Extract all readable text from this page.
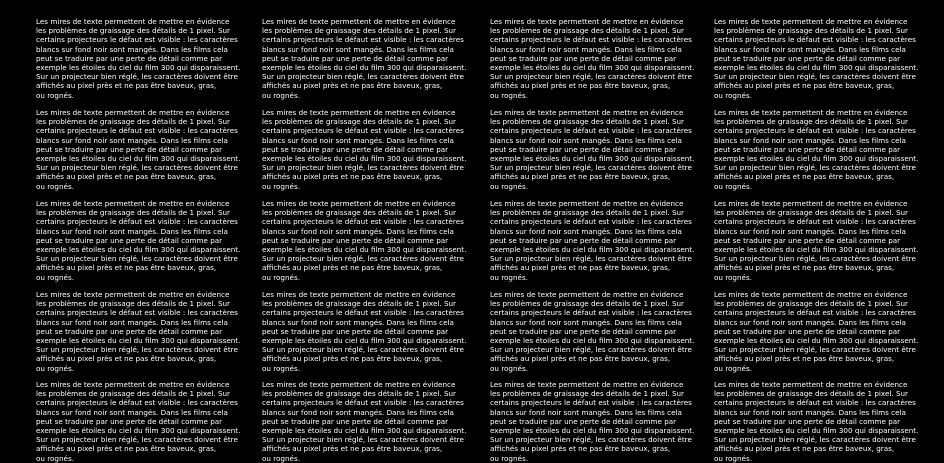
Les mires de texte permettent de mettre en évidence
les problèmes de graissage des détails de 1 pixel. Sur
certains projecteurs le défaut est visible : les caractères
blancs sur fond noir sont mangés. Dans les films cela
peut se traduire par une perte de détail comme par
exemple les étoiles du ciel du film 300 qui disparaissent.
Sur un projecteur bien réglé, les caractères doivent être
affichés au pixel près et ne pas être baveux, gras,
ou rognés.
Les mires de texte permettent de mettre en évidence
les problèmes de graissage des détails de 1 pixel. Sur
certains projecteurs le défaut est visible : les caractères
blancs sur fond noir sont mangés. Dans les films cela
peut se traduire par une perte de détail comme par
exemple les étoiles du ciel du film 300 qui disparaissent.
Sur un projecteur bien réglé, les caractères doivent être
affichés au pixel près et ne pas être baveux, gras,
ou rognés.
Les mires de texte permettent de mettre en évidence
les problèmes de graissage des détails de 1 pixel. Sur
certains projecteurs le défaut est visible : les caractères
blancs sur fond noir sont mangés. Dans les films cela
peut se traduire par une perte de détail comme par
exemple les étoiles du ciel du film 300 qui disparaissent.
Sur un projecteur bien réglé, les caractères doivent être
affichés au pixel près et ne pas être baveux, gras,
ou rognés.
Les mires de texte permettent de mettre en évidence
les problèmes de graissage des détails de 1 pixel. Sur
certains projecteurs le défaut est visible : les caractères
blancs sur fond noir sont mangés. Dans les films cela
peut se traduire par une perte de détail comme par
exemple les étoiles du ciel du film 300 qui disparaissent.
Sur un projecteur bien réglé, les caractères doivent être
affichés au pixel près et ne pas être baveux, gras,
ou rognés.
Les mires de texte permettent de mettre en évidence
les problèmes de graissage des détails de 1 pixel. Sur
certains projecteurs le défaut est visible : les caractères
blancs sur fond noir sont mangés. Dans les films cela
peut se traduire par une perte de détail comme par
exemple les étoiles du ciel du film 300 qui disparaissent.
Sur un projecteur bien réglé, les caractères doivent être
affichés au pixel près et ne pas être baveux, gras,
ou rognés.
Les mires de texte permettent de mettre en évidence
les problèmes de graissage des détails de 1 pixel. Sur
certains projecteurs le défaut est visible : les caractères
blancs sur fond noir sont mangés. Dans les films cela
peut se traduire par une perte de détail comme par
exemple les étoiles du ciel du film 300 qui disparaissent.
Sur un projecteur bien réglé, les caractères doivent être
affichés au pixel près et ne pas être baveux, gras,
ou rognés.
Les mires de texte permettent de mettre en évidence
les problèmes de graissage des détails de 1 pixel. Sur
certains projecteurs le défaut est visible : les caractères
blancs sur fond noir sont mangés. Dans les films cela
peut se traduire par une perte de détail comme par
exemple les étoiles du ciel du film 300 qui disparaissent.
Sur un projecteur bien réglé, les caractères doivent être
affichés au pixel près et ne pas être baveux, gras,
ou rognés.
Les mires de texte permettent de mettre en évidence
les problèmes de graissage des détails de 1 pixel. Sur
certains projecteurs le défaut est visible : les caractères
blancs sur fond noir sont mangés. Dans les films cela
peut se traduire par une perte de détail comme par
exemple les étoiles du ciel du film 300 qui disparaissent.
Sur un projecteur bien réglé, les caractères doivent être
affichés au pixel près et ne pas être baveux, gras,
ou rognés.
Les mires de texte permettent de mettre en évidence
les problèmes de graissage des détails de 1 pixel. Sur
certains projecteurs le défaut est visible : les caractères
blancs sur fond noir sont mangés. Dans les films cela
peut se traduire par une perte de détail comme par
exemple les étoiles du ciel du film 300 qui disparaissent.
Sur un projecteur bien réglé, les caractères doivent être
affichés au pixel près et ne pas être baveux, gras,
ou rognés.
Les mires de texte permettent de mettre en évidence
les problèmes de graissage des détails de 1 pixel. Sur
certains projecteurs le défaut est visible : les caractères
blancs sur fond noir sont mangés. Dans les films cela
peut se traduire par une perte de détail comme par
exemple les étoiles du ciel du film 300 qui disparaissent.
Sur un projecteur bien réglé, les caractères doivent être
affichés au pixel près et ne pas être baveux, gras,
ou rognés.
Les mires de texte permettent de mettre en évidence
les problèmes de graissage des détails de 1 pixel. Sur
certains projecteurs le défaut est visible : les caractères
blancs sur fond noir sont mangés. Dans les films cela
peut se traduire par une perte de détail comme par
exemple les étoiles du ciel du film 300 qui disparaissent.
Sur un projecteur bien réglé, les caractères doivent être
affichés au pixel près et ne pas être baveux, gras,
ou rognés.
Les mires de texte permettent de mettre en évidence
les problèmes de graissage des détails de 1 pixel. Sur
certains projecteurs le défaut est visible : les caractères
blancs sur fond noir sont mangés. Dans les films cela
peut se traduire par une perte de détail comme par
exemple les étoiles du ciel du film 300 qui disparaissent.
Sur un projecteur bien réglé, les caractères doivent être
affichés au pixel près et ne pas être baveux, gras,
ou rognés.
Les mires de texte permettent de mettre en évidence
les problèmes de graissage des détails de 1 pixel. Sur
certains projecteurs le défaut est visible : les caractères
blancs sur fond noir sont mangés. Dans les films cela
peut se traduire par une perte de détail comme par
exemple les étoiles du ciel du film 300 qui disparaissent.
Sur un projecteur bien réglé, les caractères doivent être
affichés au pixel près et ne pas être baveux, gras,
ou rognés.
Les mires de texte permettent de mettre en évidence
les problèmes de graissage des détails de 1 pixel. Sur
certains projecteurs le défaut est visible : les caractères
blancs sur fond noir sont mangés. Dans les films cela
peut se traduire par une perte de détail comme par
exemple les étoiles du ciel du film 300 qui disparaissent.
Sur un projecteur bien réglé, les caractères doivent être
affichés au pixel près et ne pas être baveux, gras,
ou rognés.
Les mires de texte permettent de mettre en évidence
les problèmes de graissage des détails de 1 pixel. Sur
certains projecteurs le défaut est visible : les caractères
blancs sur fond noir sont mangés. Dans les films cela
peut se traduire par une perte de détail comme par
exemple les étoiles du ciel du film 300 qui disparaissent.
Sur un projecteur bien réglé, les caractères doivent être
affichés au pixel près et ne pas être baveux, gras,
ou rognés.
Les mires de texte permettent de mettre en évidence
les problèmes de graissage des détails de 1 pixel. Sur
certains projecteurs le défaut est visible : les caractères
blancs sur fond noir sont mangés. Dans les films cela
peut se traduire par une perte de détail comme par
exemple les étoiles du ciel du film 300 qui disparaissent.
Sur un projecteur bien réglé, les caractères doivent être
affichés au pixel près et ne pas être baveux, gras,
ou rognés.
Les mires de texte permettent de mettre en évidence
les problèmes de graissage des détails de 1 pixel. Sur
certains projecteurs le défaut est visible : les caractères
blancs sur fond noir sont mangés. Dans les films cela
peut se traduire par une perte de détail comme par
exemple les étoiles du ciel du film 300 qui disparaissent.
Sur un projecteur bien réglé, les caractères doivent être
affichés au pixel près et ne pas être baveux, gras,
ou rognés.
Les mires de texte permettent de mettre en évidence
les problèmes de graissage des détails de 1 pixel. Sur
certains projecteurs le défaut est visible : les caractères
blancs sur fond noir sont mangés. Dans les films cela
peut se traduire par une perte de détail comme par
exemple les étoiles du ciel du film 300 qui disparaissent.
Sur un projecteur bien réglé, les caractères doivent être
affichés au pixel près et ne pas être baveux, gras,
ou rognés.
Les mires de texte permettent de mettre en évidence
les problèmes de graissage des détails de 1 pixel. Sur
certains projecteurs le défaut est visible : les caractères
blancs sur fond noir sont mangés. Dans les films cela
peut se traduire par une perte de détail comme par
exemple les étoiles du ciel du film 300 qui disparaissent.
Sur un projecteur bien réglé, les caractères doivent être
affichés au pixel près et ne pas être baveux, gras,
ou rognés.
Les mires de texte permettent de mettre en évidence
les problèmes de graissage des détails de 1 pixel. Sur
certains projecteurs le défaut est visible : les caractères
blancs sur fond noir sont mangés. Dans les films cela
peut se traduire par une perte de détail comme par
exemple les étoiles du ciel du film 300 qui disparaissent.
Sur un projecteur bien réglé, les caractères doivent être
affichés au pixel près et ne pas être baveux, gras,
ou rognés.
